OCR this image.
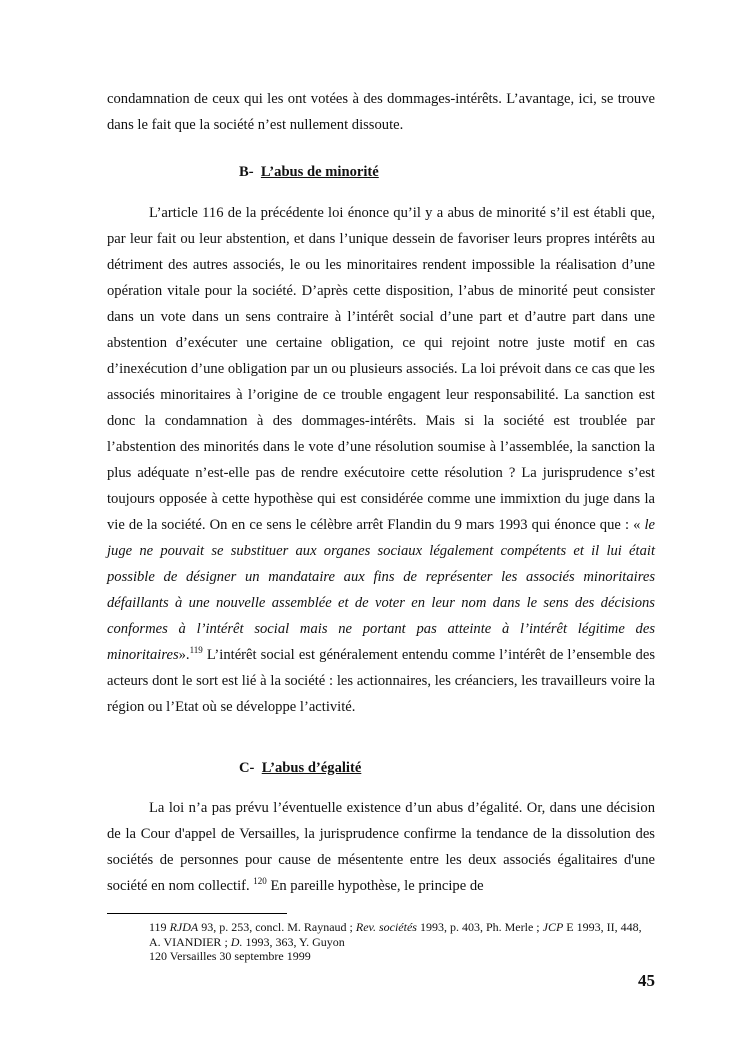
condamnation de ceux qui les ont votées à des dommages-intérêts. L’avantage, ici, se trouve dans le fait que la société n’est nullement dissoute.

B- L’abus de minorité

L’article 116 de la précédente loi énonce qu’il y a abus de minorité s’il est établi que, par leur fait ou leur abstention, et dans l’unique dessein de favoriser leurs propres intérêts au détriment des autres associés, le ou les minoritaires rendent impossible la réalisation d’une opération vitale pour la société. D’après cette disposition, l’abus de minorité peut consister dans un vote dans un sens contraire à l’intérêt social d’une part et d’autre part dans une abstention d’exécuter une certaine obligation, ce qui rejoint notre juste motif en cas d’inexécution d’une obligation par un ou plusieurs associés. La loi prévoit dans ce cas que les associés minoritaires à l’origine de ce trouble engagent leur responsabilité. La sanction est donc la condamnation à des dommages-intérêts. Mais si la société est troublée par l’abstention des minorités dans le vote d’une résolution soumise à l’assemblée, la sanction la plus adéquate n’est-elle pas de rendre exécutoire cette résolution ? La jurisprudence s’est toujours opposée à cette hypothèse qui est considérée comme une immixtion du juge dans la vie de la société. On en ce sens le célèbre arrêt Flandin du 9 mars 1993 qui énonce que : « le juge ne pouvait se substituer aux organes sociaux légalement compétents et il lui était possible de désigner un mandataire aux fins de représenter les associés minoritaires défaillants à une nouvelle assemblée et de voter en leur nom dans le sens des décisions conformes à l’intérêt social mais ne portant pas atteinte à l’intérêt légitime des minoritaires».$^{119}$ L’intérêt social est généralement entendu comme l’intérêt de l’ensemble des acteurs dont le sort est lié à la société : les actionnaires, les créanciers, les travailleurs voire la région ou l’Etat où se développe l’activité.

C- L’abus d’égalité

La loi n’a pas prévu l’éventuelle existence d’un abus d’égalité. Or, dans une décision de la Cour d'appel de Versailles, la jurisprudence confirme la tendance de la dissolution des sociétés de personnes pour cause de mésentente entre les deux associés égalitaires d'une société en nom collectif. $^{120}$ En pareille hypothèse, le principe de

119 RJDA 93, p. 253, concl. M. Raynaud ; Rev. sociétés 1993, p. 403, Ph. Merle ; JCP E 1993, II, 448, A. VIANDIER ; D. 1993, 363, Y. Guyon

120 Versailles 30 septembre 1999

45
